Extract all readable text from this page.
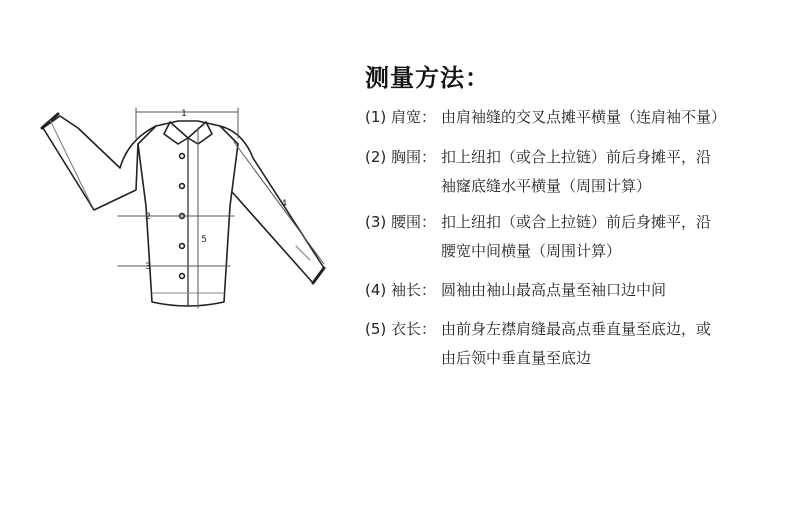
1
2
3
4
5
测量方法：
(1) 肩宽： 由肩袖缝的交叉点摊平横量（连肩袖不量）
(2) 胸围： 扣上纽扣（或合上拉链）前后身摊平，沿
袖窿底缝水平横量（周围计算）
(3) 腰围： 扣上纽扣（或合上拉链）前后身摊平，沿
腰宽中间横量（周围计算）
(4) 袖长： 圆袖由袖山最高点量至袖口边中间
(5) 衣长： 由前身左襟肩缝最高点垂直量至底边，或
由后领中垂直量至底边
